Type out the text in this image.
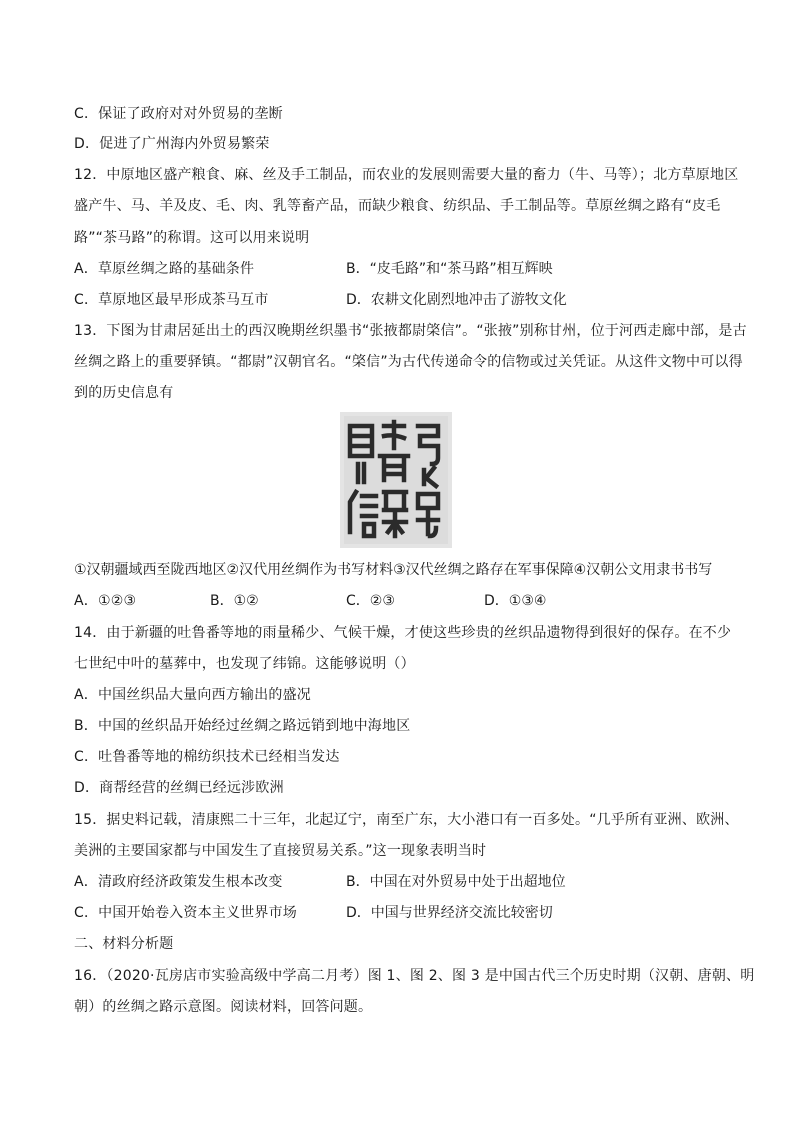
C．保证了政府对对外贸易的垄断
D．促进了广州海内外贸易繁荣
12．中原地区盛产粮食、麻、丝及手工制品，而农业的发展则需要大量的畜力（牛、马等）；北方草原地区
盛产牛、马、羊及皮、毛、肉、乳等畜产品，而缺少粮食、纺织品、手工制品等。草原丝绸之路有“皮毛
路”“茶马路”的称谓。这可以用来说明
A．草原丝绸之路的基础条件	B．“皮毛路”和“茶马路”相互辉映
C．草原地区最早形成茶马互市	D．农耕文化剧烈地冲击了游牧文化
13．下图为甘肃居延出土的西汉晚期丝织墨书“张掖都尉棨信”。“张掖”别称甘州，位于河西走廊中部，是古
丝绸之路上的重要驿镇。“都尉”汉朝官名。“棨信”为古代传递命令的信物或过关凭证。从这件文物中可以得
到的历史信息有
①汉朝疆域西至陇西地区②汉代用丝绸作为书写材料③汉代丝绸之路存在军事保障④汉朝公文用隶书书写
A．①②③	B．①②	C．②③	D．①③④
14．由于新疆的吐鲁番等地的雨量稀少、气候干燥，才使这些珍贵的丝织品遗物得到很好的保存。在不少
七世纪中叶的墓葬中，也发现了纬锦。这能够说明（）
A．中国丝织品大量向西方输出的盛况
B．中国的丝织品开始经过丝绸之路远销到地中海地区
C．吐鲁番等地的棉纺织技术已经相当发达
D．商帮经营的丝绸已经远涉欧洲
15．据史料记载，清康熙二十三年，北起辽宁，南至广东，大小港口有一百多处。“几乎所有亚洲、欧洲、
美洲的主要国家都与中国发生了直接贸易关系。”这一现象表明当时
A．清政府经济政策发生根本改变	B．中国在对外贸易中处于出超地位
C．中国开始卷入资本主义世界市场	D．中国与世界经济交流比较密切
二、材料分析题
16．（2020·瓦房店市实验高级中学高二月考）图 1、图 2、图 3 是中国古代三个历史时期（汉朝、唐朝、明
朝）的丝绸之路示意图。阅读材料，回答问题。
